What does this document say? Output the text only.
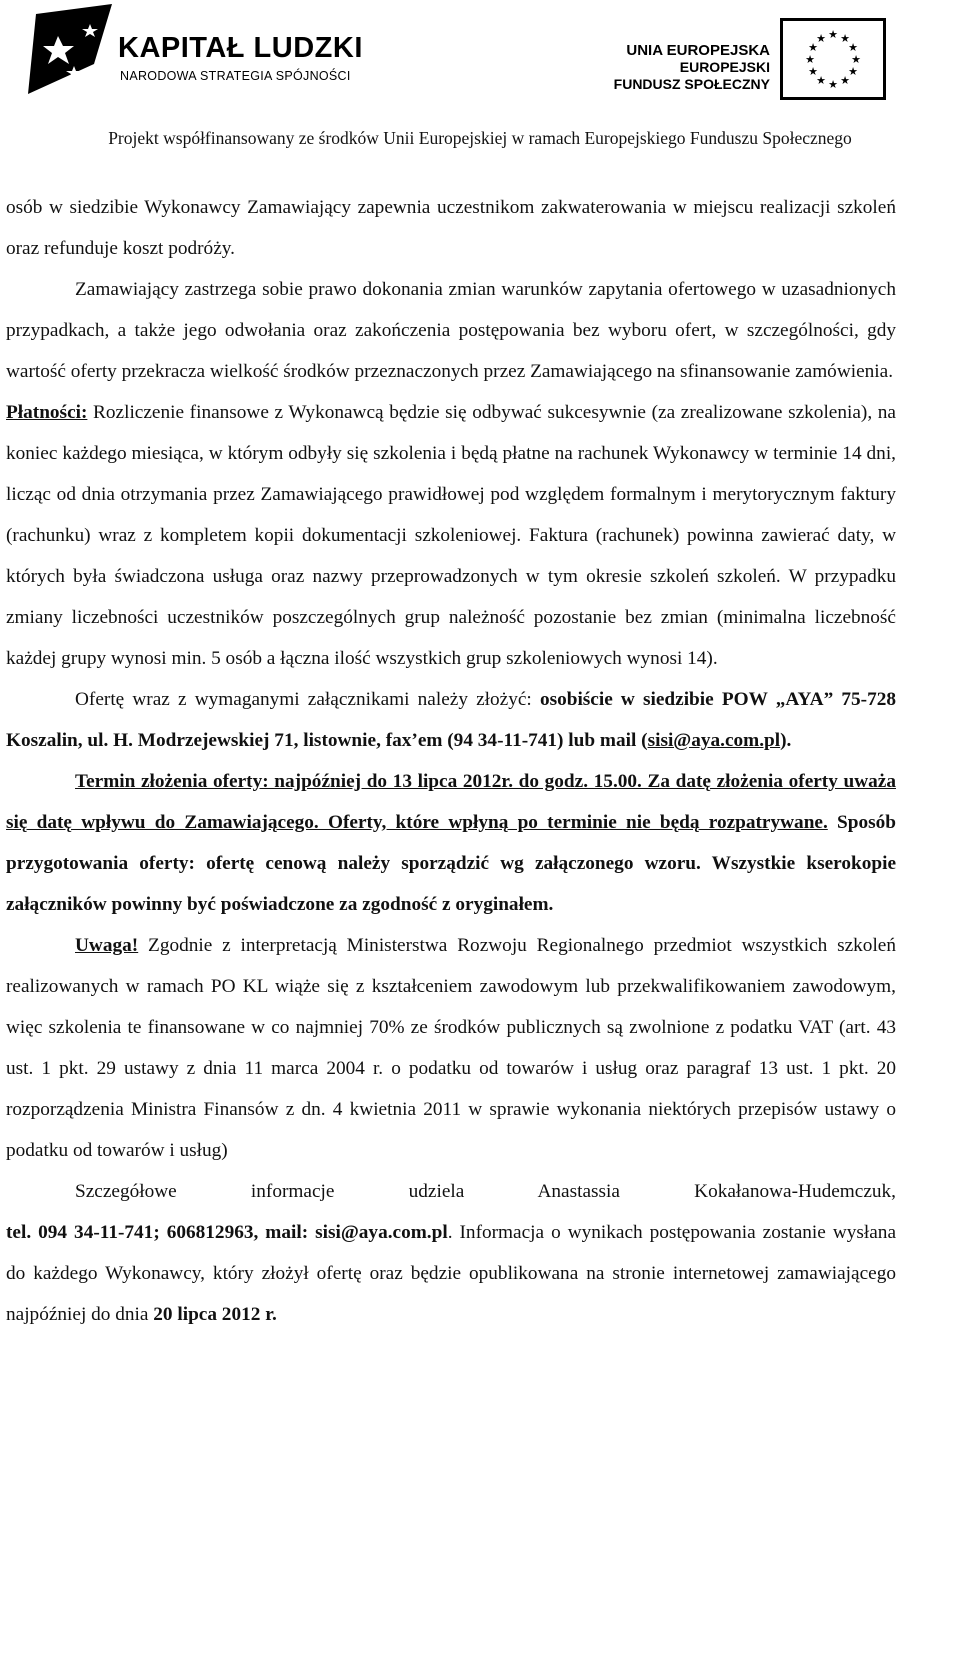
KAPITAŁ LUDZKI
NARODOWA STRATEGIA SPÓJNOŚCI
UNIA EUROPEJSKA
EUROPEJSKI
FUNDUSZ SPOŁECZNY
★ ★
★
★
★
★
★
★
★
★
★
★
Projekt współfinansowany ze środków Unii Europejskiej w ramach Europejskiego Funduszu Społecznego

osób w siedzibie Wykonawcy Zamawiający zapewnia uczestnikom zakwaterowania w miejscu realizacji szkoleń oraz refunduje koszt podróży.

Zamawiający zastrzega sobie prawo dokonania zmian warunków zapytania ofertowego w uzasadnionych przypadkach, a także jego odwołania oraz zakończenia postępowania bez wyboru ofert, w szczególności, gdy wartość oferty przekracza wielkość środków przeznaczonych przez Zamawiającego na sfinansowanie zamówienia.

Płatności: Rozliczenie finansowe z Wykonawcą będzie się odbywać sukcesywnie (za zrealizowane szkolenia), na koniec każdego miesiąca, w którym odbyły się szkolenia i będą płatne na rachunek Wykonawcy w terminie 14 dni, licząc od dnia otrzymania przez Zamawiającego prawidłowej pod względem formalnym i merytorycznym faktury (rachunku) wraz z kompletem kopii dokumentacji szkoleniowej. Faktura (rachunek) powinna zawierać daty, w których była świadczona usługa oraz nazwy przeprowadzonych w tym okresie szkoleń szkoleń. W przypadku zmiany liczebności uczestników poszczególnych grup należność pozostanie bez zmian (minimalna liczebność każdej grupy wynosi min. 5 osób a łączna ilość wszystkich grup szkoleniowych wynosi 14).

Ofertę wraz z wymaganymi załącznikami należy złożyć: osobiście w siedzibie POW „AYA” 75-728 Koszalin, ul. H. Modrzejewskiej 71, listownie, fax’em (94 34-11-741) lub mail (sisi@aya.com.pl).

Termin złożenia oferty: najpóźniej do 13 lipca 2012r. do godz. 15.00. Za datę złożenia oferty uważa się datę wpływu do Zamawiającego. Oferty, które wpłyną po terminie nie będą rozpatrywane. Sposób przygotowania oferty: ofertę cenową należy sporządzić wg załączonego wzoru. Wszystkie kserokopie załączników powinny być poświadczone za zgodność z oryginałem.

Uwaga! Zgodnie z interpretacją Ministerstwa Rozwoju Regionalnego przedmiot wszystkich szkoleń realizowanych w ramach PO KL wiąże się z kształceniem zawodowym lub przekwalifikowaniem zawodowym, więc szkolenia te finansowane w co najmniej 70% ze środków publicznych są zwolnione z podatku VAT (art. 43 ust. 1 pkt. 29 ustawy z dnia 11 marca 2004 r. o podatku od towarów i usług oraz paragraf 13 ust. 1 pkt. 20 rozporządzenia Ministra Finansów z dn. 4 kwietnia 2011 w sprawie wykonania niektórych przepisów ustawy o podatku od towarów i usług)

Szczegółowe informacje udziela Anastassia Kokałanowa-Hudemczuk,

tel. 094 34-11-741; 606812963, mail: sisi@aya.com.pl. Informacja o wynikach postępowania zostanie wysłana do każdego Wykonawcy, który złożył ofertę oraz będzie opublikowana na stronie internetowej zamawiającego najpóźniej do dnia 20 lipca 2012 r.
